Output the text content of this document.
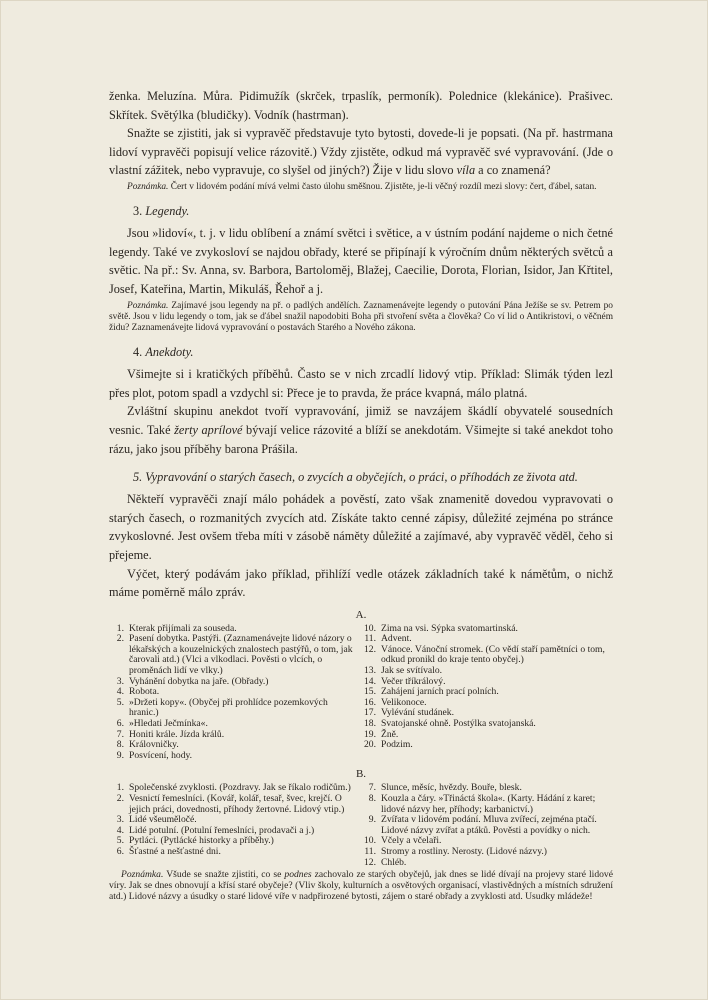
ženka. Meluzína. Můra. Pidimužík (skrček, trpaslík, permoník). Polednice (klekánice). Prašivec. Skřítek. Světýlka (bludičky). Vodník (hastrman).

Snažte se zjistiti, jak si vypravěč představuje tyto bytosti, dovede-li je popsati. (Na př. hastrmana lidoví vypravěči popisují velice rázovitě.) Vždy zjistěte, odkud má vypravěč své vypravování. (Jde o vlastní zážitek, nebo vypravuje, co slyšel od jiných?) Žije v lidu slovo víla a co znamená?

Poznámka. Čert v lidovém podání mívá velmi často úlohu směšnou. Zjistěte, je-li věčný rozdíl mezi slovy: čert, ďábel, satan.

3. Legendy.

Jsou »lidoví«, t. j. v lidu oblíbení a známí světci i světice, a v ústním podání najdeme o nich četné legendy. Také ve zvykosloví se najdou obřady, které se připínají k výročním dnům některých světců a světic. Na př.: Sv. Anna, sv. Barbora, Bartoloměj, Blažej, Caecilie, Dorota, Florian, Isidor, Jan Křtitel, Josef, Kateřina, Martin, Mikuláš, Řehoř a j.

Poznámka. Zajímavé jsou legendy na př. o padlých andělích. Zaznamenávejte legendy o putování Pána Ježíše se sv. Petrem po světě. Jsou v lidu legendy o tom, jak se ďábel snažil napodobiti Boha při stvoření světa a člověka? Co ví lid o Antikristovi, o věčném židu? Zaznamenávejte lidová vypravování o postavách Starého a Nového zákona.

4. Anekdoty.

Všimejte si i kratičkých příběhů. Často se v nich zrcadlí lidový vtip. Příklad: Slimák týden lezl přes plot, potom spadl a vzdychl si: Přece je to pravda, že práce kvapná, málo platná.

Zvláštní skupinu anekdot tvoří vypravování, jimiž se navzájem škádlí obyvatelé sousedních vesnic. Také žerty aprílové bývají velice rázovité a blíží se anekdotám. Všimejte si také anekdot toho rázu, jako jsou příběhy barona Prášila.

5. Vypravování o starých časech, o zvycích a obyčejích, o práci, o příhodách ze života atd.

Někteří vypravěči znají málo pohádek a pověstí, zato však znamenitě dovedou vypravovati o starých časech, o rozmanitých zvycích atd. Získáte takto cenné zápisy, důležité zejména po stránce zvykoslovné. Jest ovšem třeba míti v zásobě náměty důležité a zajímavé, aby vypravěč věděl, čeho si přejeme.

Výčet, který podávám jako příklad, přihlíží vedle otázek základních také k námětům, o nichž máme poměrně málo zpráv.

A.

1. Kterak přijímali za souseda.
2. Pasení dobytka. Pastýři. (Zaznamenávejte lidové názory o lékařských a kouzelnických znalostech pastýřů, o tom, jak čarovali atd.) (Vlci a vlkodlaci. Pověsti o vlcích, o proměnách lidí ve vlky.)
3. Vyhánění dobytka na jaře. (Obřady.)
4. Robota.
5. »Držeti kopy«. (Obyčej při prohlídce pozemkových hranic.)
6. »Hledati Ječmínka«.
7. Honiti krále. Jízda králů.
8. Královničky.
9. Posvícení, hody.
10. Zima na vsi. Sýpka svatomartinská.
11. Advent.
12. Vánoce. Vánoční stromek. (Co vědí staří pamětníci o tom, odkud pronikl do kraje tento obyčej.)
13. Jak se svítívalo.
14. Večer tříkrálový.
15. Zahájení jarních prací polních.
16. Velikonoce.
17. Vylévání studánek.
18. Svatojanské ohně. Postýlka svatojanská.
19. Žně.
20. Podzim.

B.

1. Společenské zvyklosti. (Pozdravy. Jak se říkalo rodičům.)
2. Vesnictí řemeslníci. (Kovář, kolář, tesař, švec, krejčí. O jejich práci, dovednosti, příhody žertovné. Lidový vtip.)
3. Lidé všeuměločé.
4. Lidé potulní. (Potulní řemeslníci, prodavači a j.)
5. Pytláci. (Pytlácké historky a příběhy.)
6. Šťastné a nešťastné dni.
7. Slunce, měsíc, hvězdy. Bouře, blesk.
8. Kouzla a čáry. »Třináctá škola«. (Karty. Hádání z karet; lidové názvy her, příhody; karbanictví.)
9. Zvířata v lidovém podání. Mluva zvířecí, zejména ptačí. Lidové názvy zvířat a ptáků. Pověsti a povídky o nich.
10. Včely a včelaři.
11. Stromy a rostliny. Nerosty. (Lidové názvy.)
12. Chléb.

Poznámka. Všude se snažte zjistiti, co se podnes zachovalo ze starých obyčejů, jak dnes se lidé dívají na projevy staré lidové víry. Jak se dnes obnovují a křísí staré obyčeje? (Vliv školy, kulturních a osvětových organisací, vlastivědných a místních sdružení atd.) Lidové názvy a úsudky o staré lidové víře v nadpřirozené bytosti, zájem o staré obřady a zvyklosti atd. Usudky mládeže!
